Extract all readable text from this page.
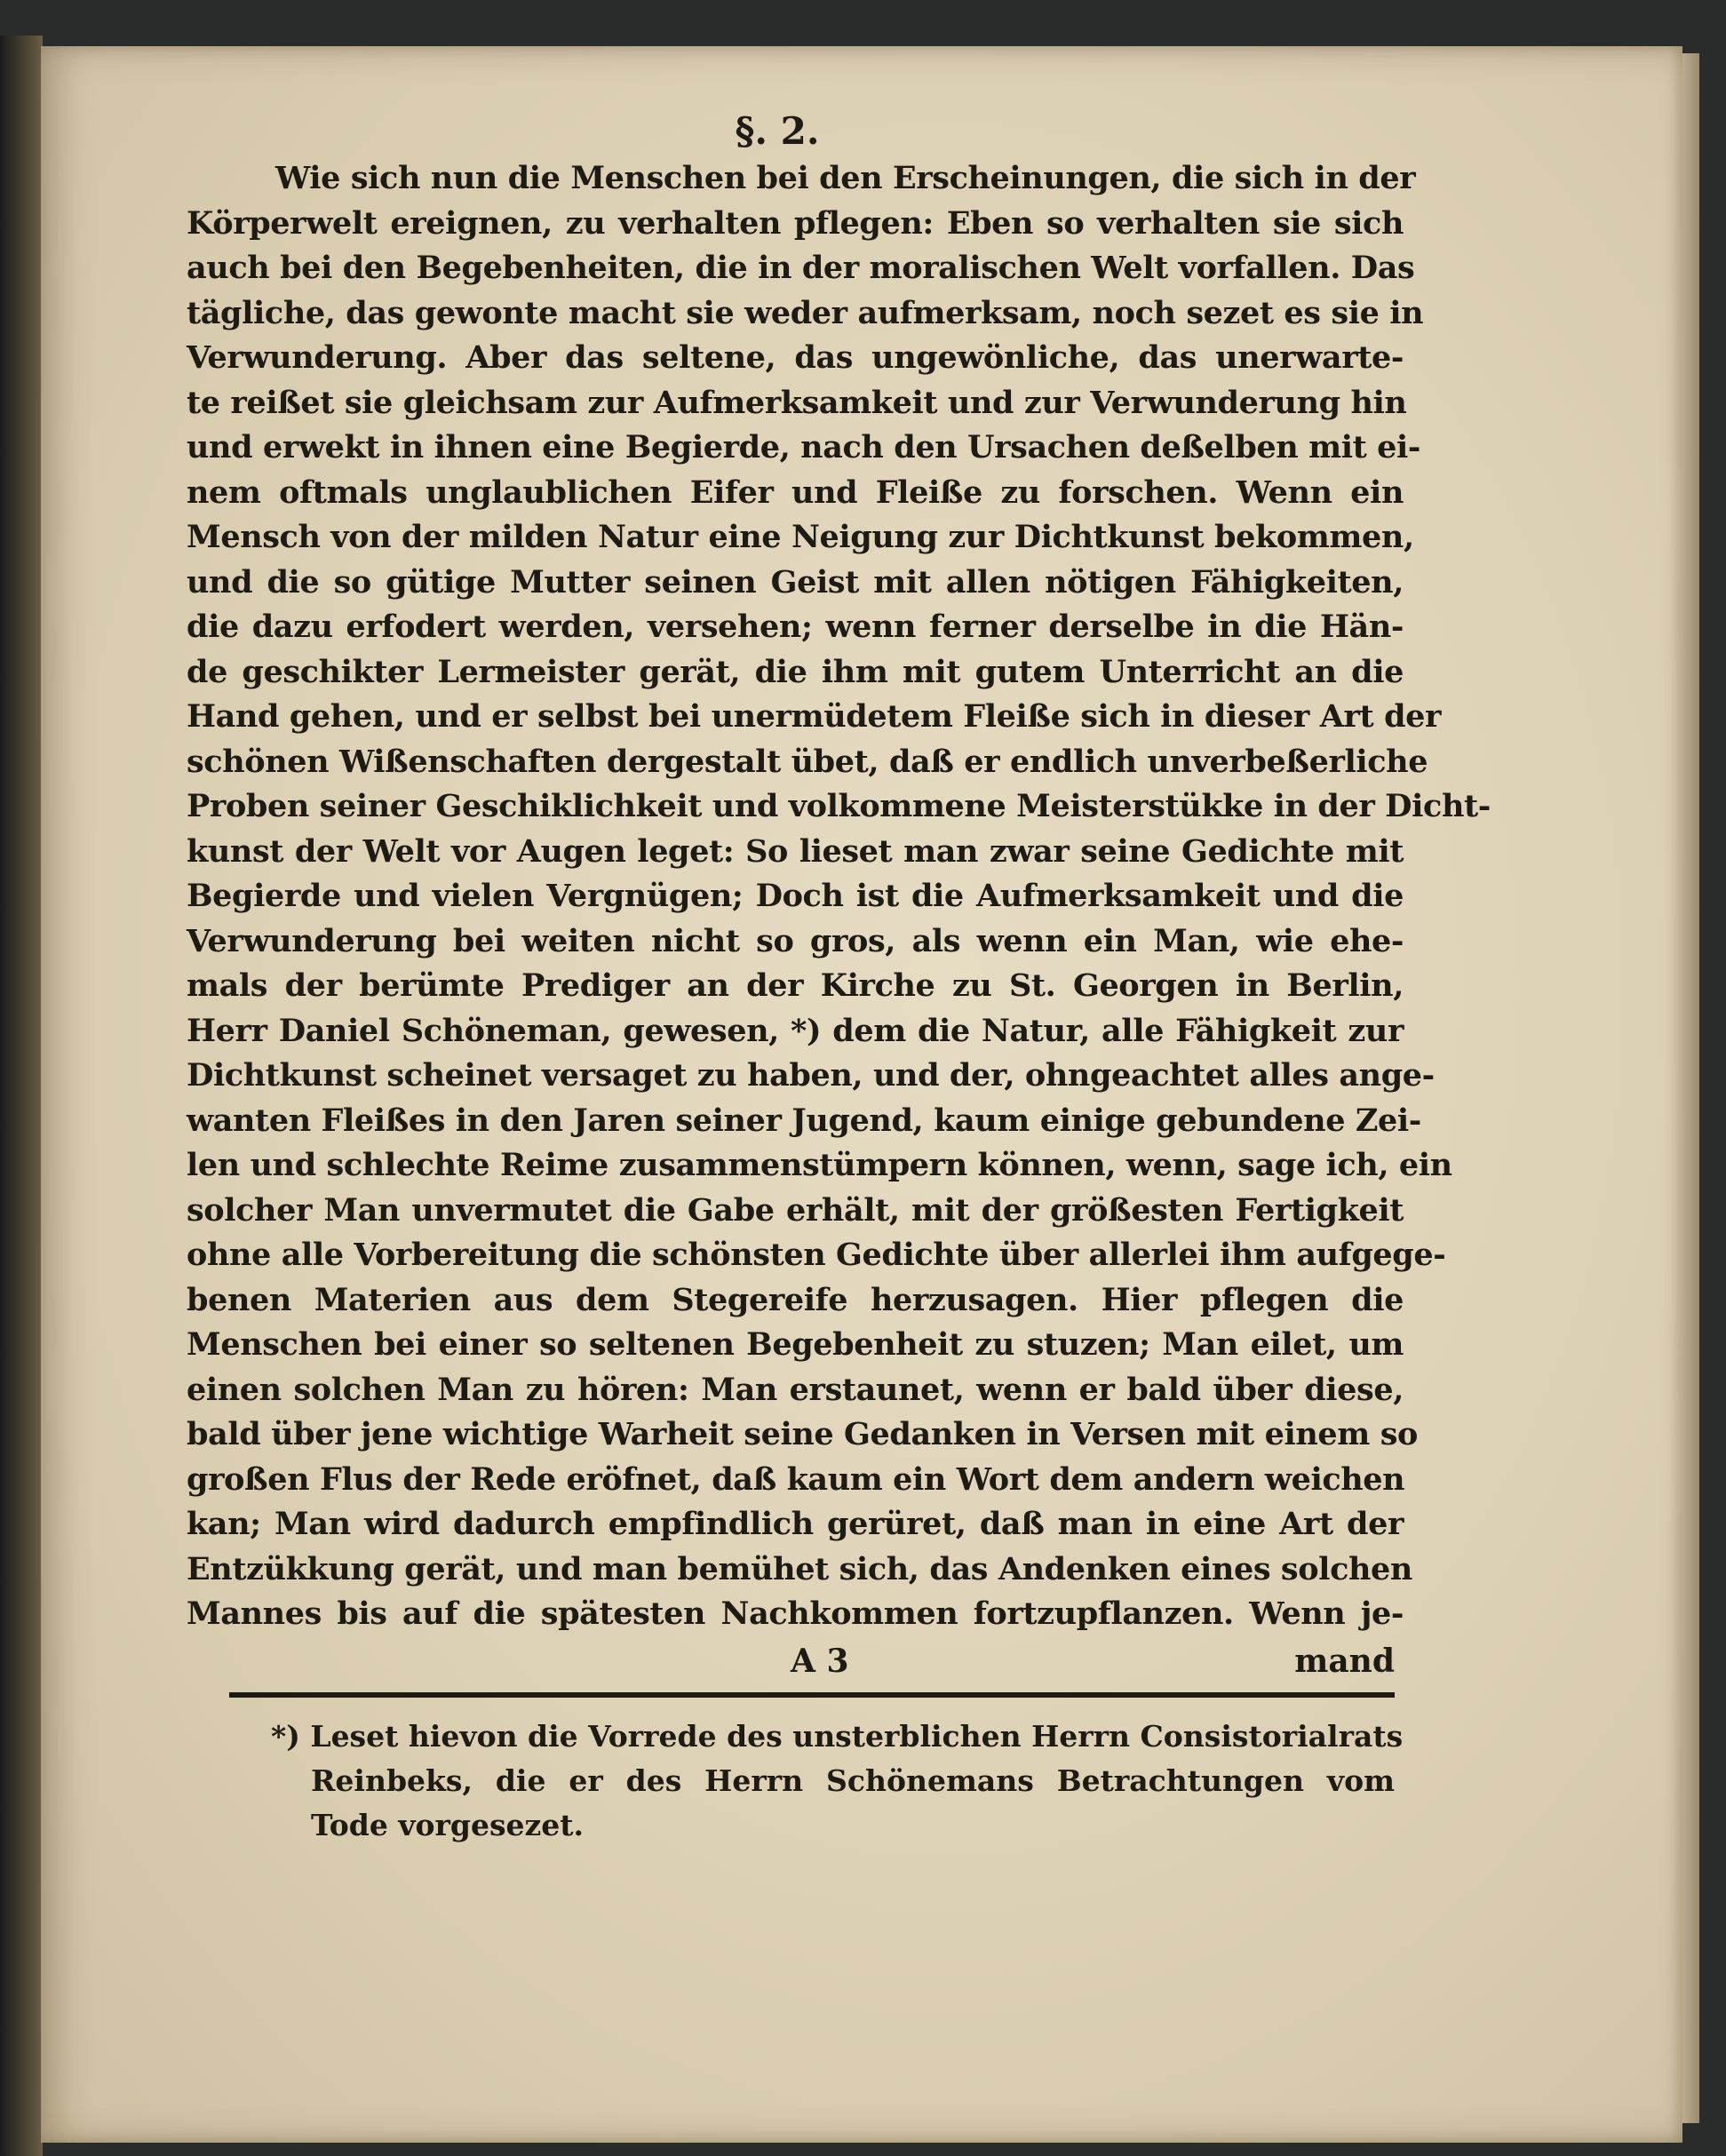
§. 2.
Wie sich nun die Menschen bei den Erscheinungen, die sich in der
Körperwelt ereignen, zu verhalten pflegen: Eben so verhalten sie sich
auch bei den Begebenheiten, die in der moralischen Welt vorfallen. Das
tägliche, das gewonte macht sie weder aufmerksam, noch sezet es sie in
Verwunderung. Aber das seltene, das ungewönliche, das unerwarte-
te reißet sie gleichsam zur Aufmerksamkeit und zur Verwunderung hin
und erwekt in ihnen eine Begierde, nach den Ursachen deßelben mit ei-
nem oftmals unglaublichen Eifer und Fleiße zu forschen. Wenn ein
Mensch von der milden Natur eine Neigung zur Dichtkunst bekommen,
und die so gütige Mutter seinen Geist mit allen nötigen Fähigkeiten,
die dazu erfodert werden, versehen; wenn ferner derselbe in die Hän-
de geschikter Lermeister gerät, die ihm mit gutem Unterricht an die
Hand gehen, und er selbst bei unermüdetem Fleiße sich in dieser Art der
schönen Wißenschaften dergestalt übet, daß er endlich unverbeßerliche
Proben seiner Geschiklichkeit und volkommene Meisterstükke in der Dicht-
kunst der Welt vor Augen leget: So lieset man zwar seine Gedichte mit
Begierde und vielen Vergnügen; Doch ist die Aufmerksamkeit und die
Verwunderung bei weiten nicht so gros, als wenn ein Man, wie ehe-
mals der berümte Prediger an der Kirche zu St. Georgen in Berlin,
Herr Daniel Schöneman, gewesen, *) dem die Natur, alle Fähigkeit zur
Dichtkunst scheinet versaget zu haben, und der, ohngeachtet alles ange-
wanten Fleißes in den Jaren seiner Jugend, kaum einige gebundene Zei-
len und schlechte Reime zusammenstümpern können, wenn, sage ich, ein
solcher Man unvermutet die Gabe erhält, mit der größesten Fertigkeit
ohne alle Vorbereitung die schönsten Gedichte über allerlei ihm aufgege-
benen Materien aus dem Stegereife herzusagen. Hier pflegen die
Menschen bei einer so seltenen Begebenheit zu stuzen; Man eilet, um
einen solchen Man zu hören: Man erstaunet, wenn er bald über diese,
bald über jene wichtige Warheit seine Gedanken in Versen mit einem so
großen Flus der Rede eröfnet, daß kaum ein Wort dem andern weichen
kan; Man wird dadurch empfindlich gerüret, daß man in eine Art der
Entzükkung gerät, und man bemühet sich, das Andenken eines solchen
Mannes bis auf die spätesten Nachkommen fortzupflanzen. Wenn je-
A 3	mand
*) Leset hievon die Vorrede des unsterblichen Herrn Consistorialrats
Reinbeks, die er des Herrn Schönemans Betrachtungen vom
Tode vorgesezet.
